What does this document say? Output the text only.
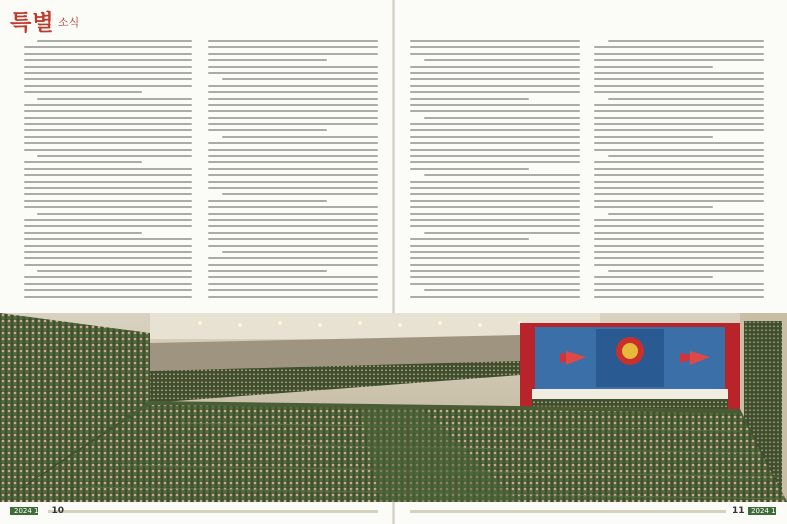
특별 소식
2024 12 10	11 2024 12
